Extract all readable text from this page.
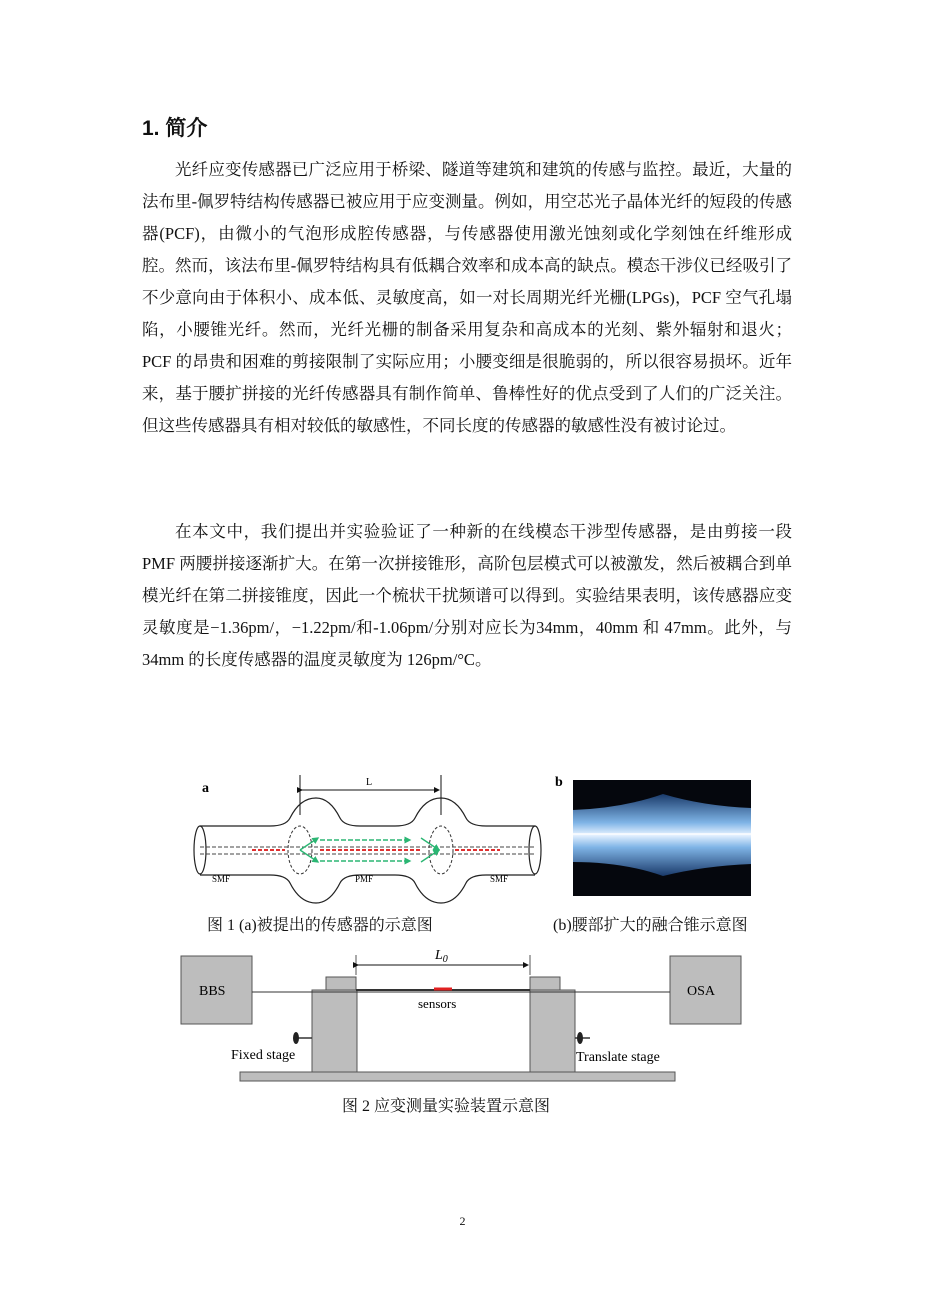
1. 简介
光纤应变传感器已广泛应用于桥梁、隧道等建筑和建筑的传感与监控。最近，大量的法布里-佩罗特结构传感器已被应用于应变测量。例如，用空芯光子晶体光纤的短段的传感器(PCF)，由微小的气泡形成腔传感器，与传感器使用激光蚀刻或化学刻蚀在纤维形成腔。然而，该法布里-佩罗特结构具有低耦合效率和成本高的缺点。模态干涉仪已经吸引了不少意向由于体积小、成本低、灵敏度高，如一对长周期光纤光栅(LPGs)，PCF 空气孔塌陷，小腰锥光纤。然而，光纤光栅的制备采用复杂和高成本的光刻、紫外辐射和退火；PCF 的昂贵和困难的剪接限制了实际应用；小腰变细是很脆弱的，所以很容易损坏。近年来，基于腰扩拼接的光纤传感器具有制作简单、鲁棒性好的优点受到了人们的广泛关注。但这些传感器具有相对较低的敏感性，不同长度的传感器的敏感性没有被讨论过。
在本文中，我们提出并实验验证了一种新的在线模态干涉型传感器，是由剪接一段 PMF 两腰拼接逐渐扩大。在第一次拼接锥形，高阶包层模式可以被激发，然后被耦合到单模光纤在第二拼接锥度，因此一个梳状干扰频谱可以得到。实验结果表明，该传感器应变灵敏度是−1.36pm/，−1.22pm/和-1.06pm/分别对应长为34mm，40mm 和 47mm。此外，与 34mm 的长度传感器的温度灵敏度为 126pm/°C。
a	L
SMF	PMF	SMF
b
图 1 (a)被提出的传感器的示意图	(b)腰部扩大的融合锥示意图
$L_0$
BBS	OSA
sensors
Fixed stage	Translate stage
图 2 应变测量实验装置示意图
2
